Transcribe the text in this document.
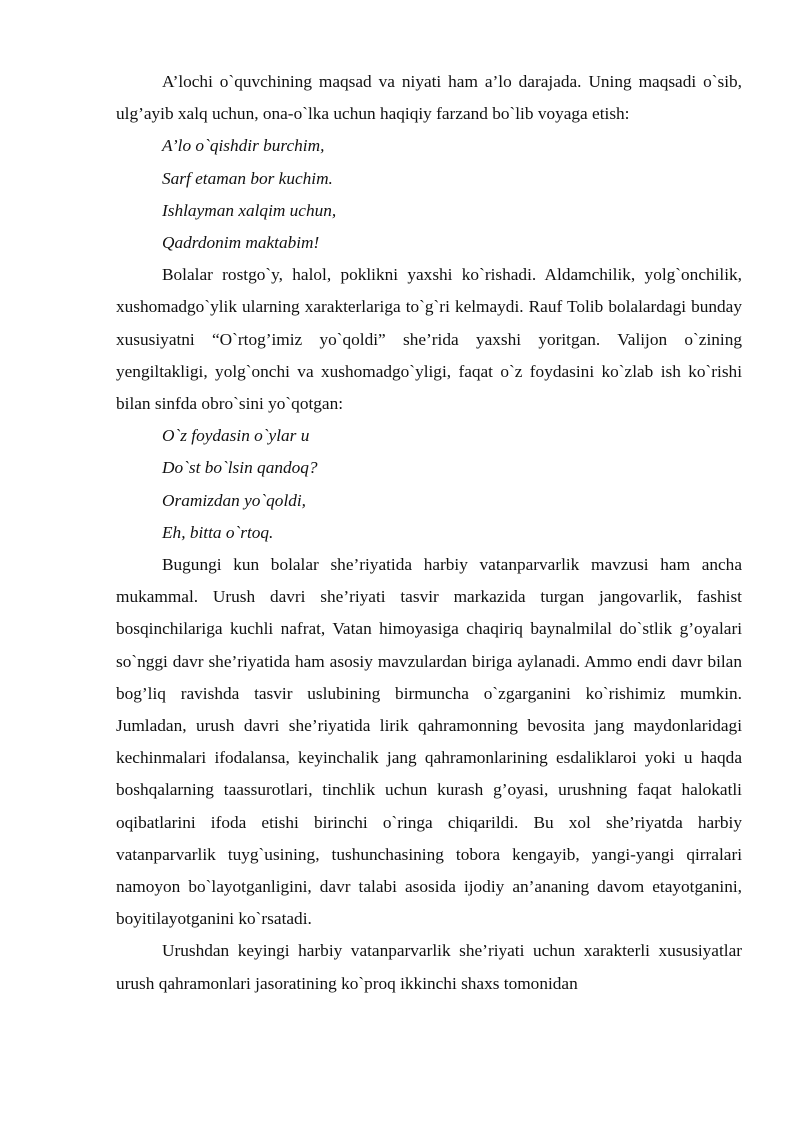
A’lochi o`quvchining maqsad va niyati ham a’lo darajada. Uning maqsadi o`sib, ulg’ayib xalq uchun, ona-o`lka uchun haqiqiy farzand bo`lib voyaga etish:

A’lo o`qishdir burchim,

Sarf etaman bor kuchim.

Ishlayman xalqim uchun,

Qadrdonim maktabim!

Bolalar rostgo`y, halol, poklikni yaxshi ko`rishadi. Aldamchilik, yolg`onchilik, xushomadgo`ylik ularning xarakterlariga to`g`ri kelmaydi. Rauf Tolib bolalardagi bunday xususiyatni “O`rtog’imiz yo`qoldi” she’rida yaxshi yoritgan. Valijon o`zining yengiltakligi, yolg`onchi va xushomadgo`yligi, faqat o`z foydasini ko`zlab ish ko`rishi bilan sinfda obro`sini yo`qotgan:

O`z foydasin o`ylar u

Do`st bo`lsin qandoq?

Oramizdan yo`qoldi,

Eh, bitta o`rtoq.

Bugungi kun bolalar she’riyatida harbiy vatanparvarlik mavzusi ham ancha mukammal. Urush davri she’riyati tasvir markazida turgan jangovarlik, fashist bosqinchilariga kuchli nafrat, Vatan himoyasiga chaqiriq baynalmilal do`stlik g’oyalari so`nggi davr she’riyatida ham asosiy mavzulardan biriga aylanadi. Ammo endi davr bilan bog’liq ravishda tasvir uslubining birmuncha o`zgarganini ko`rishimiz mumkin. Jumladan, urush davri she’riyatida lirik qahramonning bevosita jang maydonlaridagi kechinmalari ifodalansa, keyinchalik jang qahramonlarining esdaliklaroi yoki u haqda boshqalarning taassurotlari, tinchlik uchun kurash g’oyasi, urushning faqat halokatli oqibatlarini ifoda etishi birinchi o`ringa chiqarildi. Bu xol she’riyatda harbiy vatanparvarlik tuyg`usining, tushunchasining tobora kengayib, yangi-yangi qirralari namoyon bo`layotganligini, davr talabi asosida ijodiy an’ananing davom etayotganini, boyitilayotganini ko`rsatadi.

Urushdan keyingi harbiy vatanparvarlik she’riyati uchun xarakterli xususiyatlar urush qahramonlari jasoratining ko`proq ikkinchi shaxs tomonidan
